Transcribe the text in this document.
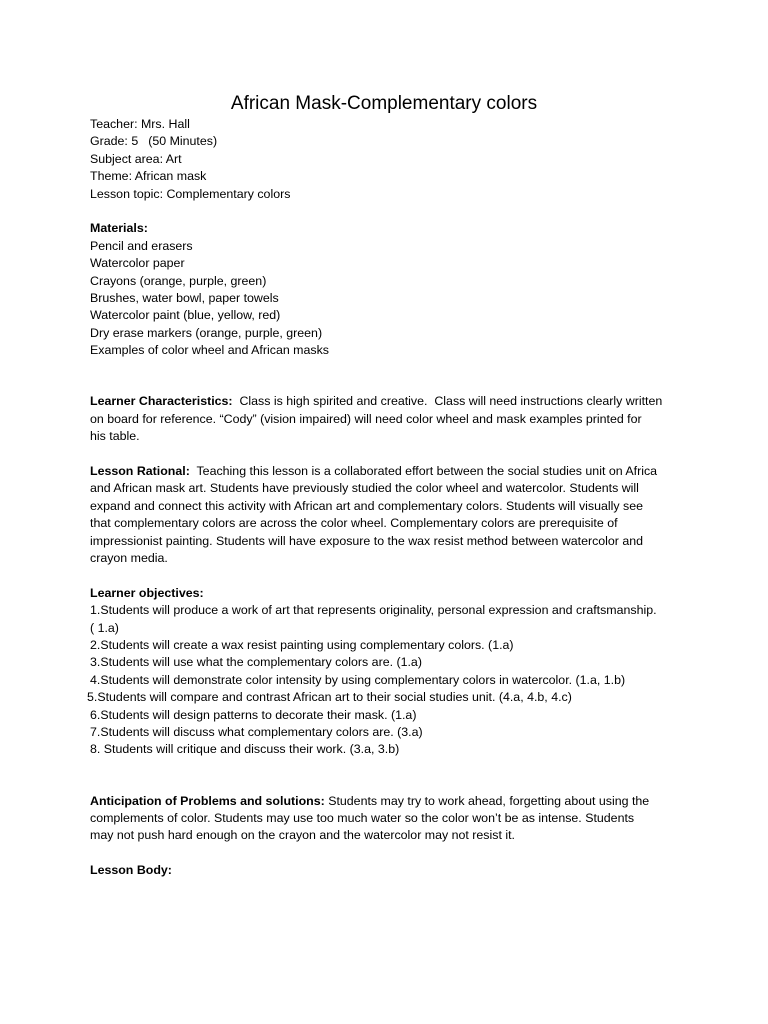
African Mask-Complementary colors
Teacher: Mrs. Hall
Grade: 5 (50 Minutes)
Subject area: Art
Theme: African mask
Lesson topic: Complementary colors
Materials:
Pencil and erasers
Watercolor paper
Crayons (orange, purple, green)
Brushes, water bowl, paper towels
Watercolor paint (blue, yellow, red)
Dry erase markers (orange, purple, green)
Examples of color wheel and African masks
Learner Characteristics:  Class is high spirited and creative.  Class will need instructions clearly written
on board for reference. “Cody” (vision impaired) will need color wheel and mask examples printed for
his table.
Lesson Rational:  Teaching this lesson is a collaborated effort between the social studies unit on Africa
and African mask art. Students have previously studied the color wheel and watercolor. Students will
expand and connect this activity with African art and complementary colors. Students will visually see
that complementary colors are across the color wheel. Complementary colors are prerequisite of
impressionist painting. Students will have exposure to the wax resist method between watercolor and
crayon media.
Learner objectives:
1.Students will produce a work of art that represents originality, personal expression and craftsmanship.
( 1.a)
2.Students will create a wax resist painting using complementary colors. (1.a)
3.Students will use what the complementary colors are. (1.a)
4.Students will demonstrate color intensity by using complementary colors in watercolor. (1.a, 1.b)
5.Students will compare and contrast African art to their social studies unit. (4.a, 4.b, 4.c)
6.Students will design patterns to decorate their mask. (1.a)
7.Students will discuss what complementary colors are. (3.a)
8. Students will critique and discuss their work. (3.a, 3.b)
Anticipation of Problems and solutions: Students may try to work ahead, forgetting about using the
complements of color. Students may use too much water so the color won’t be as intense. Students
may not push hard enough on the crayon and the watercolor may not resist it.
Lesson Body:
